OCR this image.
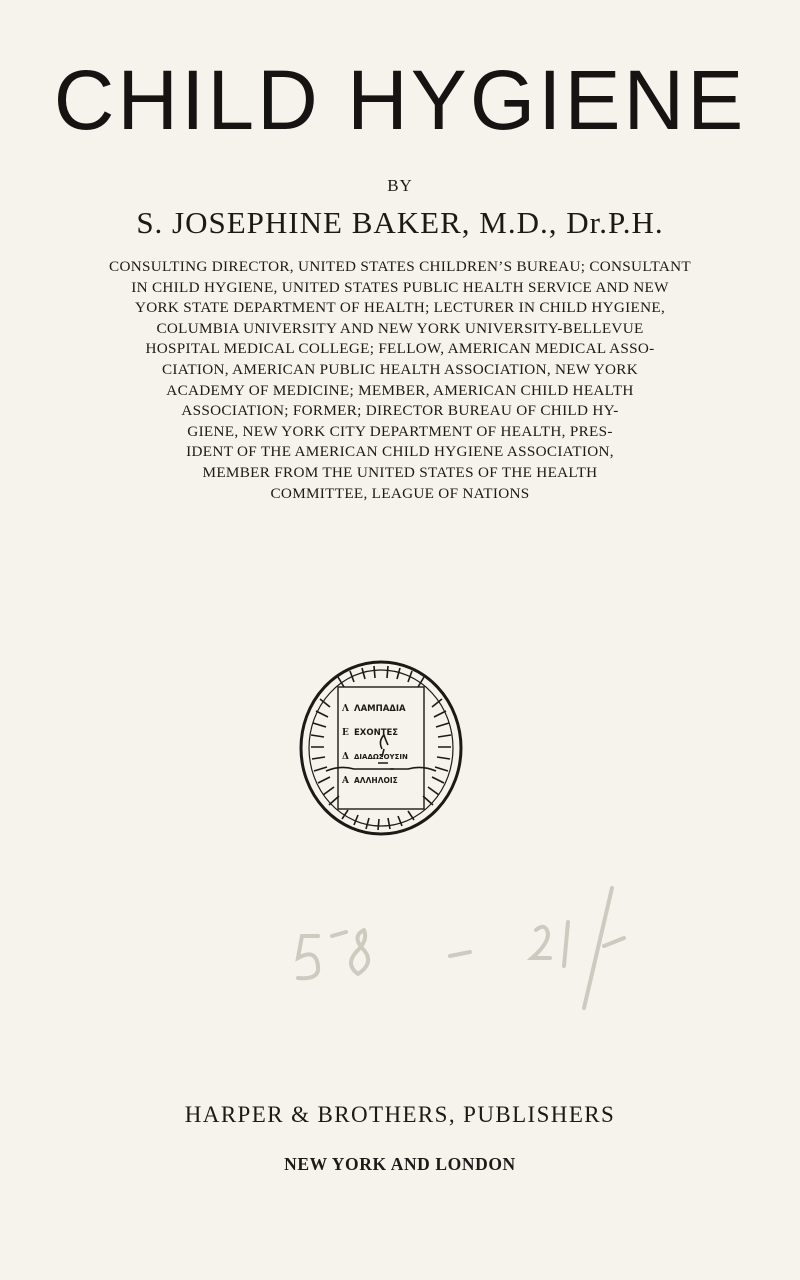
CHILD HYGIENE
BY
S. JOSEPHINE BAKER, M.D., Dr.P.H.
CONSULTING DIRECTOR, UNITED STATES CHILDREN’S BUREAU; CONSULTANT
IN CHILD HYGIENE, UNITED STATES PUBLIC HEALTH SERVICE AND NEW
YORK STATE DEPARTMENT OF HEALTH; LECTURER IN CHILD HYGIENE,
COLUMBIA UNIVERSITY AND NEW YORK UNIVERSITY-BELLEVUE
HOSPITAL MEDICAL COLLEGE; FELLOW, AMERICAN MEDICAL ASSO-
CIATION, AMERICAN PUBLIC HEALTH ASSOCIATION, NEW YORK
ACADEMY OF MEDICINE; MEMBER, AMERICAN CHILD HEALTH
ASSOCIATION; FORMER; DIRECTOR BUREAU OF CHILD HY-
GIENE, NEW YORK CITY DEPARTMENT OF HEALTH, PRES-
IDENT OF THE AMERICAN CHILD HYGIENE ASSOCIATION,
MEMBER FROM THE UNITED STATES OF THE HEALTH
COMMITTEE, LEAGUE OF NATIONS
Λ
Ε
Δ
Α
ΛΑΜΠΑΔΙΑ
ΕΧΟΝΤΕΣ
ΔΙΑΔΩΣΟΥΣΙΝ
ΑΛΛΗΛΟΙΣ
5-8 - 21-
HARPER & BROTHERS, PUBLISHERS
NEW YORK AND LONDON
